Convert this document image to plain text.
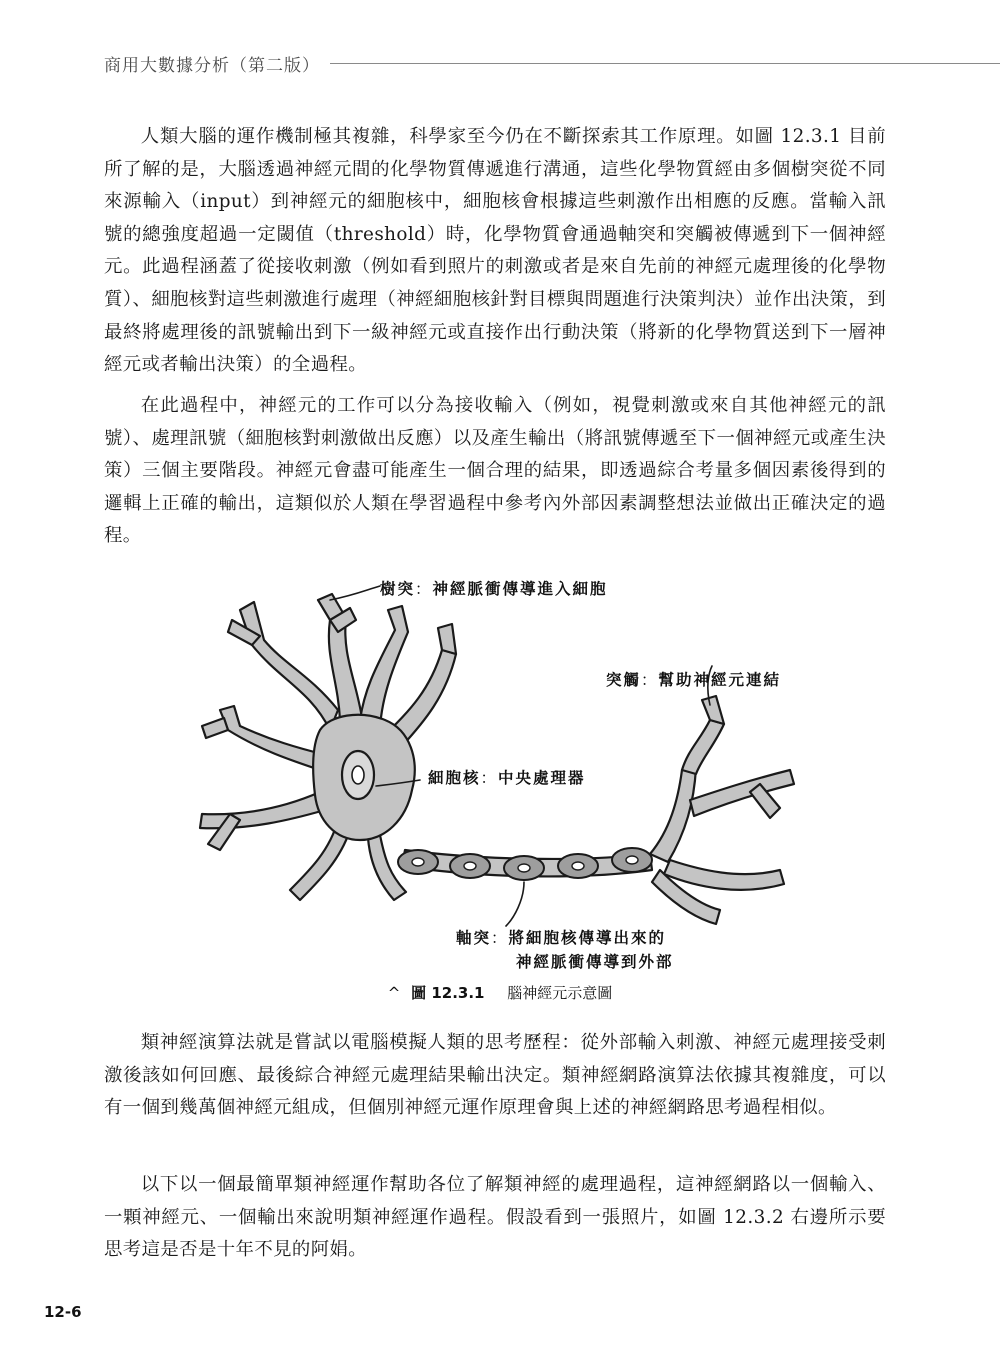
商用大數據分析（第二版）

人類大腦的運作機制極其複雜，科學家至今仍在不斷探索其工作原理。如圖 12.3.1 目前所了解的是，大腦透過神經元間的化學物質傳遞進行溝通，這些化學物質經由多個樹突從不同來源輸入（input）到神經元的細胞核中，細胞核會根據這些刺激作出相應的反應。當輸入訊號的總強度超過一定閾值（threshold）時，化學物質會通過軸突和突觸被傳遞到下一個神經元。此過程涵蓋了從接收刺激（例如看到照片的刺激或者是來自先前的神經元處理後的化學物質）、細胞核對這些刺激進行處理（神經細胞核針對目標與問題進行決策判決）並作出決策，到最終將處理後的訊號輸出到下一級神經元或直接作出行動決策（將新的化學物質送到下一層神經元或者輸出決策）的全過程。

在此過程中，神經元的工作可以分為接收輸入（例如，視覺刺激或來自其他神經元的訊號）、處理訊號（細胞核對刺激做出反應）以及產生輸出（將訊號傳遞至下一個神經元或產生決策）三個主要階段。神經元會盡可能產生一個合理的結果，即透過綜合考量多個因素後得到的邏輯上正確的輸出，這類似於人類在學習過程中參考內外部因素調整想法並做出正確決定的過程。

樹突：神經脈衝傳導進入細胞
突觸：幫助神經元連結
細胞核：中央處理器
軸突：將細胞核傳導出來的
神經脈衝傳導到外部
^ 圖 12.3.1 腦神經元示意圖

類神經演算法就是嘗試以電腦模擬人類的思考歷程：從外部輸入刺激、神經元處理接受刺激後該如何回應、最後綜合神經元處理結果輸出決定。類神經網路演算法依據其複雜度，可以有一個到幾萬個神經元組成，但個別神經元運作原理會與上述的神經網路思考過程相似。

以下以一個最簡單類神經運作幫助各位了解類神經的處理過程，這神經網路以一個輸入、一顆神經元、一個輸出來說明類神經運作過程。假設看到一張照片，如圖 12.3.2 右邊所示要思考這是否是十年不見的阿娟。

12-6
